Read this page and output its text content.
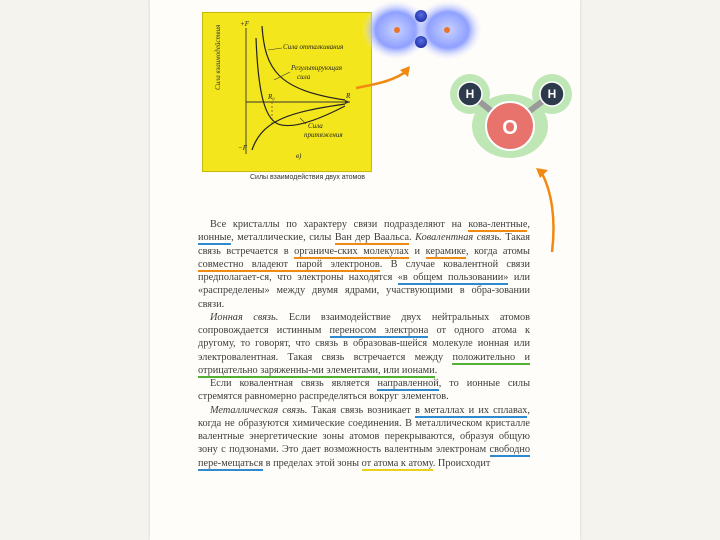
+F
−F
Сила взаимодействия
R
R₀
Сила отталкивания
Результирующая
сила
Сила
притяжения
в)
Силы взаимодействия двух атомов
H	H
O

Все кристаллы по характеру связи подразделяют на кова-лентные, ионные, металлические, силы Ван дер Ваальса. Ковалентная связь. Такая связь встречается в органиче-ских молекулах и керамике, когда атомы совместно владеют парой электронов. В случае ковалентной связи предполагает-ся, что электроны находятся «в общем пользовании» или «распределены» между двумя ядрами, участвующими в обра-зовании связи.

Ионная связь. Если взаимодействие двух нейтральных атомов сопровождается истинным переносом электрона от одного атома к другому, то говорят, что связь в образовав-шейся молекуле ионная или электровалентная. Такая связь встречается между положительно и отрицательно заряженны-ми элементами, или ионами.

Если ковалентная связь является направленной, то ионные силы стремятся равномерно распределяться вокруг элементов.

Металлическая связь. Такая связь возникает в металлах и их сплавах, когда не образуются химические соединения. В металлическом кристалле валентные энергетические зоны атомов перекрываются, образуя общую зону с подзонами. Это дает возможность валентным электронам свободно пере-мещаться в пределах этой зоны от атома к атому. Происходит
